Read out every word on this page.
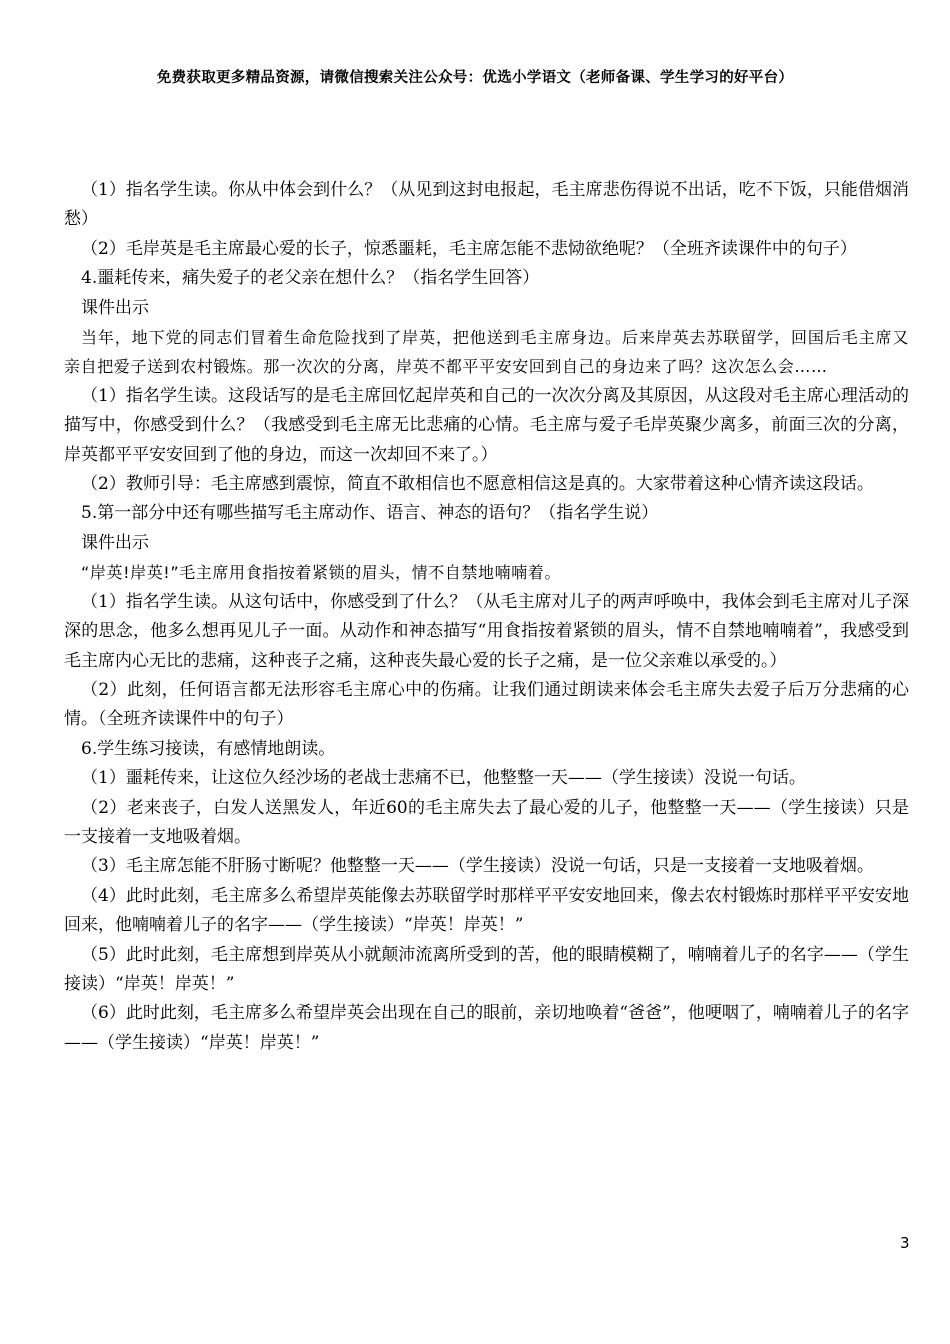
免费获取更多精品资源，请微信搜索关注公众号：优选小学语文（老师备课、学生学习的好平台）

（1）指名学生读。你从中体会到什么？（从见到这封电报起，毛主席悲伤得说不出话，吃不下饭，只能借烟消愁）

（2）毛岸英是毛主席最心爱的长子，惊悉噩耗，毛主席怎能不悲恸欲绝呢？（全班齐读课件中的句子）

4.噩耗传来，痛失爱子的老父亲在想什么？（指名学生回答）

课件出示

当年，地下党的同志们冒着生命危险找到了岸英，把他送到毛主席身边。后来岸英去苏联留学，回国后毛主席又亲自把爱子送到农村锻炼。那一次次的分离，岸英不都平平安安回到自己的身边来了吗？这次怎么会……

（1）指名学生读。这段话写的是毛主席回忆起岸英和自己的一次次分离及其原因，从这段对毛主席心理活动的描写中，你感受到什么？（我感受到毛主席无比悲痛的心情。毛主席与爱子毛岸英聚少离多，前面三次的分离，岸英都平平安安回到了他的身边，而这一次却回不来了。）

（2）教师引导：毛主席感到震惊，简直不敢相信也不愿意相信这是真的。大家带着这种心情齐读这段话。

5.第一部分中还有哪些描写毛主席动作、语言、神态的语句？（指名学生说）

课件出示

“岸英!岸英!”毛主席用食指按着紧锁的眉头，情不自禁地喃喃着。

（1）指名学生读。从这句话中，你感受到了什么？（从毛主席对儿子的两声呼唤中，我体会到毛主席对儿子深深的思念，他多么想再见儿子一面。从动作和神态描写“用食指按着紧锁的眉头，情不自禁地喃喃着”，我感受到毛主席内心无比的悲痛，这种丧子之痛，这种丧失最心爱的长子之痛，是一位父亲难以承受的。）

（2）此刻，任何语言都无法形容毛主席心中的伤痛。让我们通过朗读来体会毛主席失去爱子后万分悲痛的心情。（全班齐读课件中的句子）

6.学生练习接读，有感情地朗读。

（1）噩耗传来，让这位久经沙场的老战士悲痛不已，他整整一天——（学生接读）没说一句话。

（2）老来丧子，白发人送黑发人，年近60的毛主席失去了最心爱的儿子，他整整一天——（学生接读）只是一支接着一支地吸着烟。

（3）毛主席怎能不肝肠寸断呢？他整整一天——（学生接读）没说一句话，只是一支接着一支地吸着烟。

（4）此时此刻，毛主席多么希望岸英能像去苏联留学时那样平平安安地回来，像去农村锻炼时那样平平安安地回来，他喃喃着儿子的名字——（学生接读）“岸英！岸英！”

（5）此时此刻，毛主席想到岸英从小就颠沛流离所受到的苦，他的眼睛模糊了，喃喃着儿子的名字——（学生接读）“岸英！岸英！”

（6）此时此刻，毛主席多么希望岸英会出现在自己的眼前，亲切地唤着“爸爸”，他哽咽了，喃喃着儿子的名字——（学生接读）“岸英！岸英！”

3
